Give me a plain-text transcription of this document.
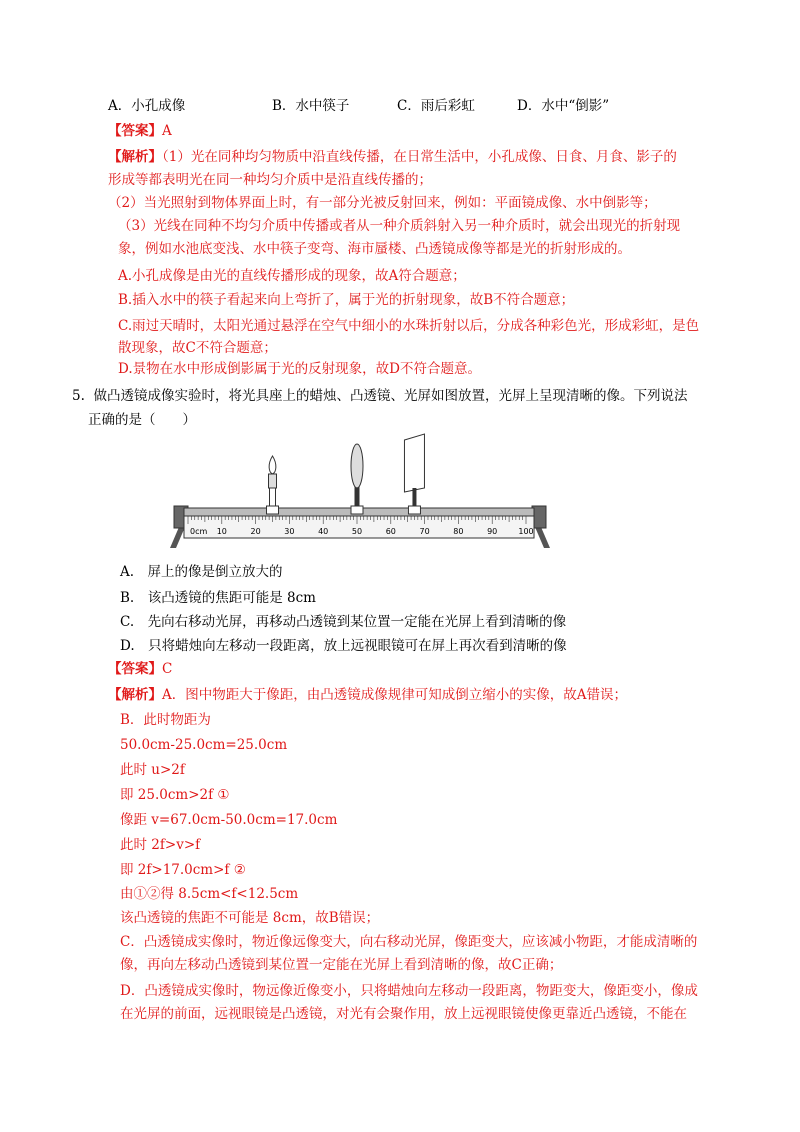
A．小孔成像	B．水中筷子	C．雨后彩虹	D．水中“倒影”
【答案】A
【解析】（1）光在同种均匀物质中沿直线传播，在日常生活中，小孔成像、日食、月食、影子的
形成等都表明光在同一种均匀介质中是沿直线传播的；
（2）当光照射到物体界面上时，有一部分光被反射回来，例如：平面镜成像、水中倒影等；
（3）光线在同种不均匀介质中传播或者从一种介质斜射入另一种介质时，就会出现光的折射现
象，例如水池底变浅、水中筷子变弯、海市蜃楼、凸透镜成像等都是光的折射形成的。
A.小孔成像是由光的直线传播形成的现象，故A符合题意；
B.插入水中的筷子看起来向上弯折了，属于光的折射现象，故B不符合题意；
C.雨过天晴时，太阳光通过悬浮在空气中细小的水珠折射以后，分成各种彩色光，形成彩虹，是色
散现象，故C不符合题意；
D.景物在水中形成倒影属于光的反射现象，故D不符合题意。
5. 做凸透镜成像实验时，将光具座上的蜡烛、凸透镜、光屏如图放置，光屏上呈现清晰的像。下列说法
正确的是（　　）
0cm 10	20	30	40	50	60	70	80	90	100
A.　屏上的像是倒立放大的
B.　该凸透镜的焦距可能是 8cm
C.　先向右移动光屏，再移动凸透镜到某位置一定能在光屏上看到清晰的像
D.　只将蜡烛向左移动一段距离，放上远视眼镜可在屏上再次看到清晰的像
【答案】C
【解析】A．图中物距大于像距，由凸透镜成像规律可知成倒立缩小的实像，故A错误；
B．此时物距为
50.0cm-25.0cm=25.0cm
此时 u>2f
即 25.0cm>2f ①
像距 v=67.0cm-50.0cm=17.0cm
此时 2f>v>f
即 2f>17.0cm>f ②
由①②得 8.5cm<f<12.5cm
该凸透镜的焦距不可能是 8cm，故B错误；
C．凸透镜成实像时，物近像远像变大，向右移动光屏，像距变大，应该减小物距，才能成清晰的
像，再向左移动凸透镜到某位置一定能在光屏上看到清晰的像，故C正确；
D．凸透镜成实像时，物远像近像变小，只将蜡烛向左移动一段距离，物距变大，像距变小，像成
在光屏的前面，远视眼镜是凸透镜，对光有会聚作用，放上远视眼镜使像更靠近凸透镜，不能在
